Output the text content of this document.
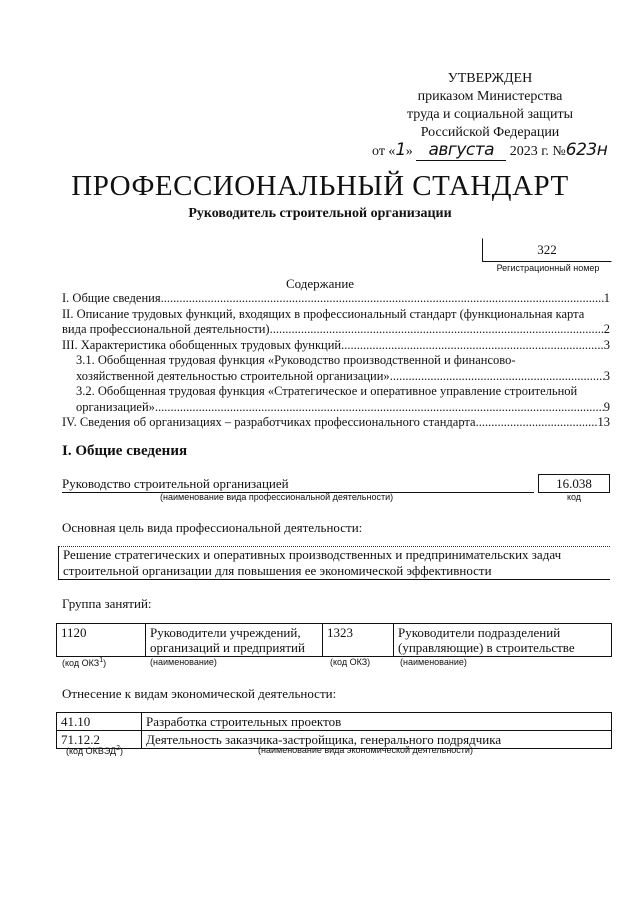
УТВЕРЖДЕН
приказом Министерства
труда и социальной защиты
Российской Федерации
от «1» августа 2023 г. №623н
ПРОФЕССИОНАЛЬНЫЙ СТАНДАРТ
Руководитель строительной организации
322
Регистрационный номер
Содержание
I. Общие сведения .....	1
II. Описание трудовых функций, входящих в профессиональный стандарт (функциональная карта
вида профессиональной деятельности) .....	2
III. Характеристика обобщенных трудовых функций .....	3
3.1. Обобщенная трудовая функция «Руководство производственной и финансово-
хозяйственной деятельностью строительной организации» .....	3
3.2. Обобщенная трудовая функция «Стратегическое и оперативное управление строительной
организацией» .....	9
IV. Сведения об организациях – разработчиках профессионального стандарта .....	13
I. Общие сведения
Руководство строительной организацией
(наименование вида профессиональной деятельности)
16.038
код
Основная цель вида профессиональной деятельности:
Решение стратегических и оперативных производственных и предпринимательских задач
строительной организации для повышения ее экономической эффективности
Группа занятий:
1120	Руководители учреждений,
организаций и предприятий
	1323	Руководители подразделений
(управляющие) в строительстве
(код ОКЗ$^1$)	(наименование)	(код ОКЗ)	(наименование)
Отнесение к видам экономической деятельности:
41.10	Разработка строительных проектов
71.12.2	Деятельность заказчика-застройщика, генерального подрядчика
(код ОКВЭД$^2$)	(наименование вида экономической деятельности)
